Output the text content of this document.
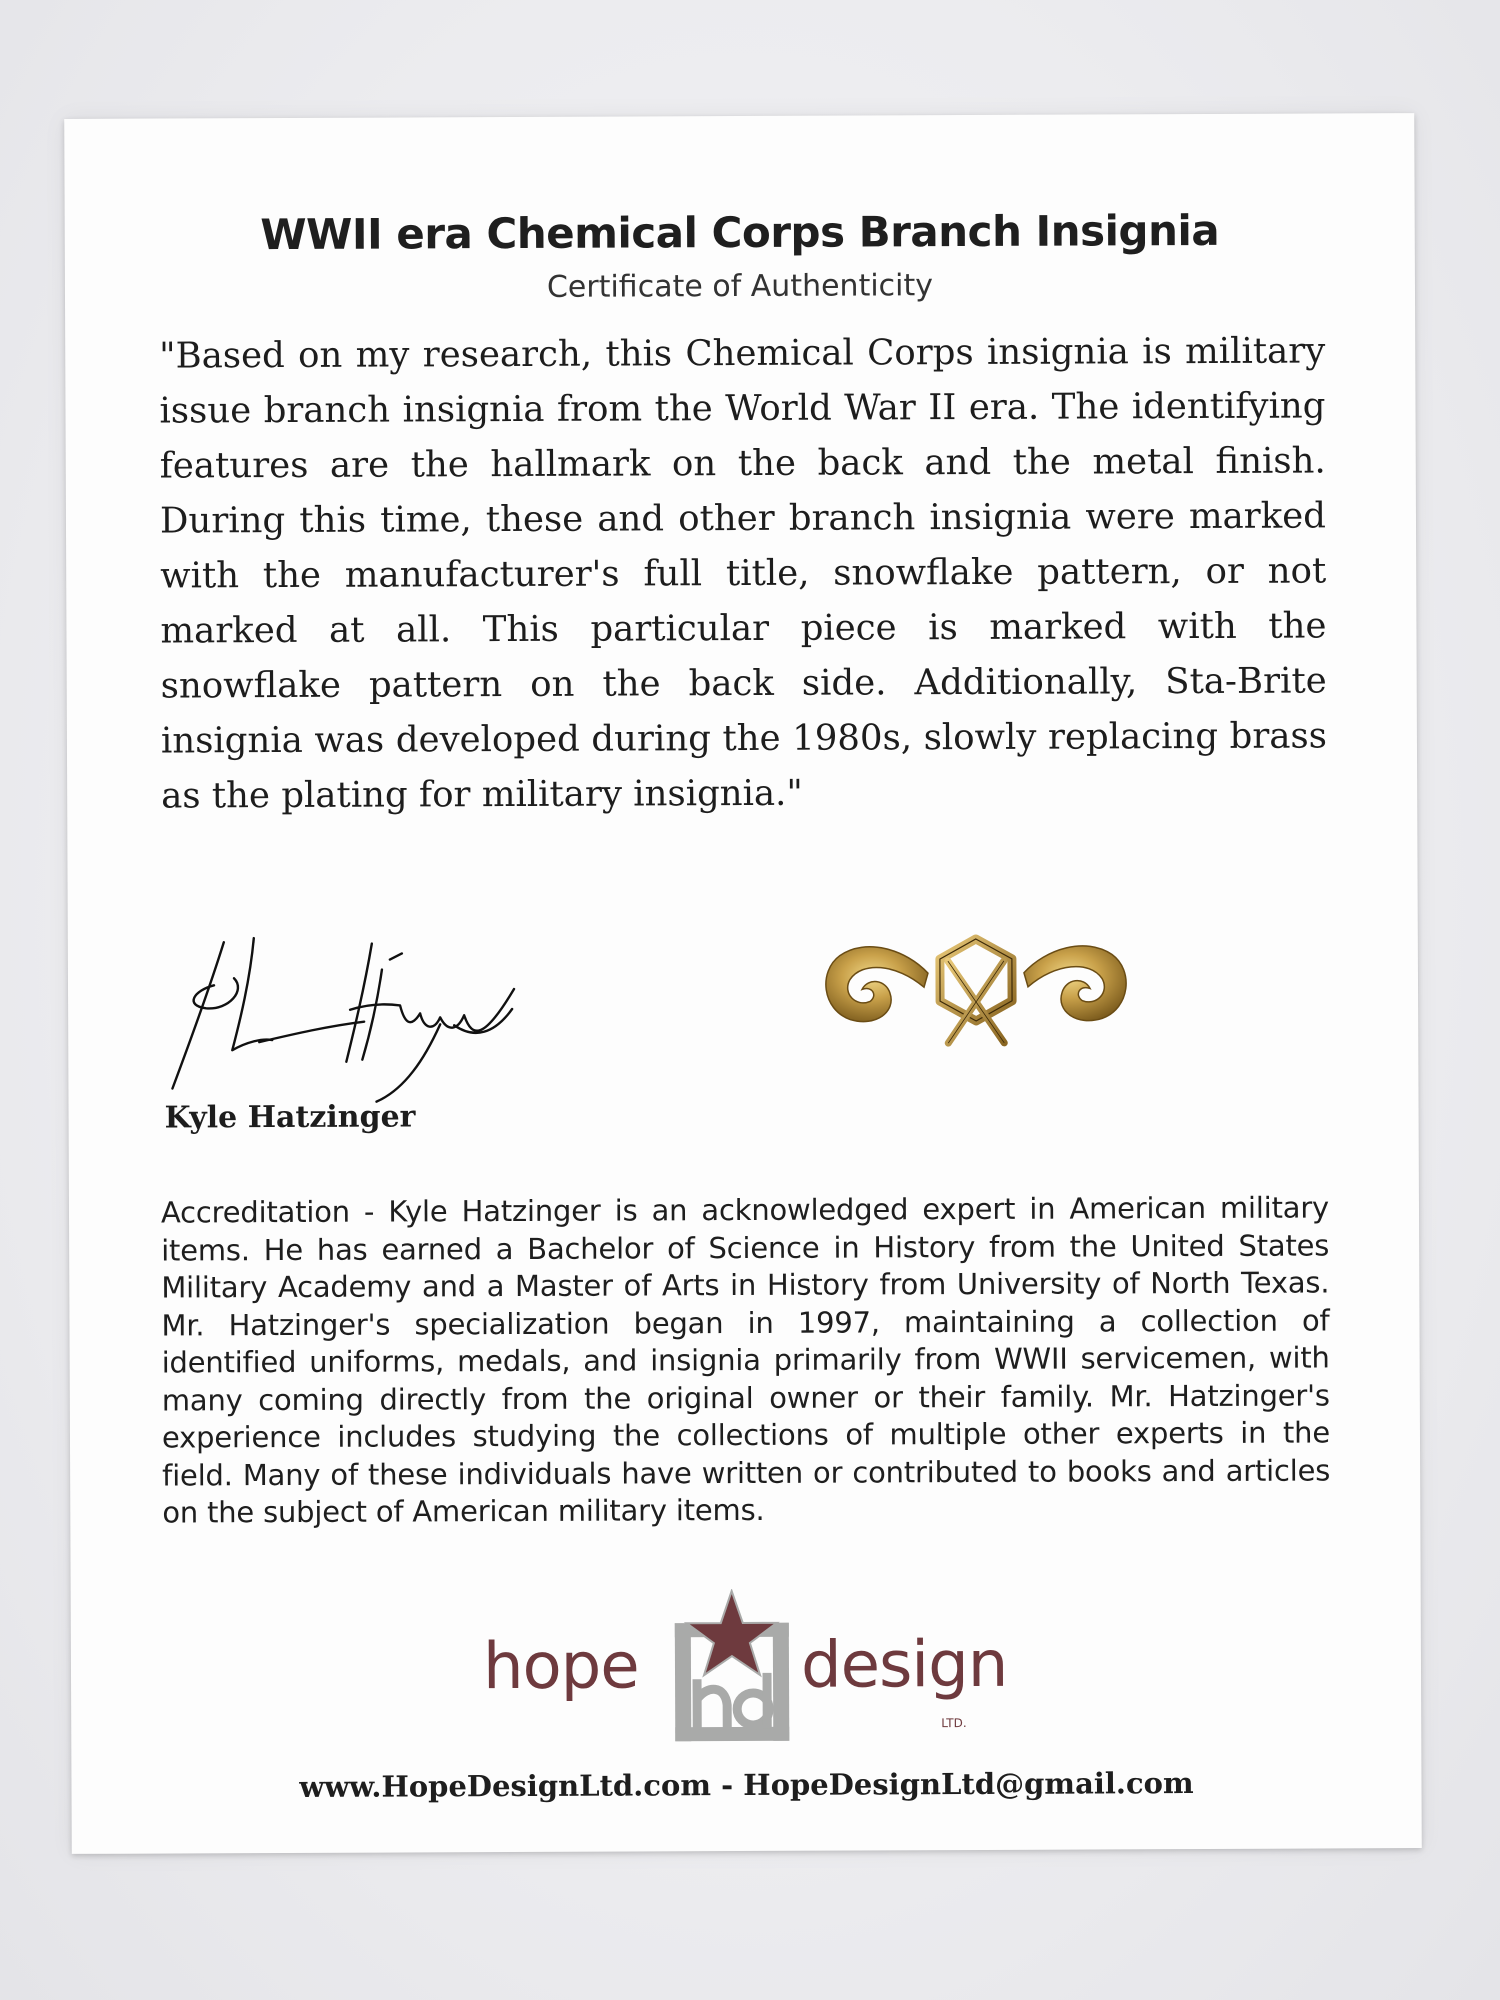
WWII era Chemical Corps Branch Insignia
Certificate of Authenticity

"Based on my research, this Chemical Corps insignia is military issue branch insignia from the World War II era. The identifying features are the hallmark on the back and the metal finish. During this time, these and other branch insignia were marked with the manufacturer's full title, snowflake pattern, or not marked at all. This particular piece is marked with the snowflake pattern on the back side. Additionally, Sta-Brite insignia was developed during the 1980s, slowly replacing brass as the plating for military insignia."

Kyle Hatzinger

Accreditation - Kyle Hatzinger is an acknowledged expert in American military items. He has earned a Bachelor of Science in History from the United States Military Academy and a Master of Arts in History from University of North Texas. Mr. Hatzinger's specialization began in 1997, maintaining a collection of identified uniforms, medals, and insignia primarily from WWII servicemen, with many coming directly from the original owner or their family. Mr. Hatzinger's experience includes studying the collections of multiple other experts in the field. Many of these individuals have written or contributed to books and articles on the subject of American military items.

hope	design
LTD.
www.HopeDesignLtd.com - HopeDesignLtd@gmail.com
